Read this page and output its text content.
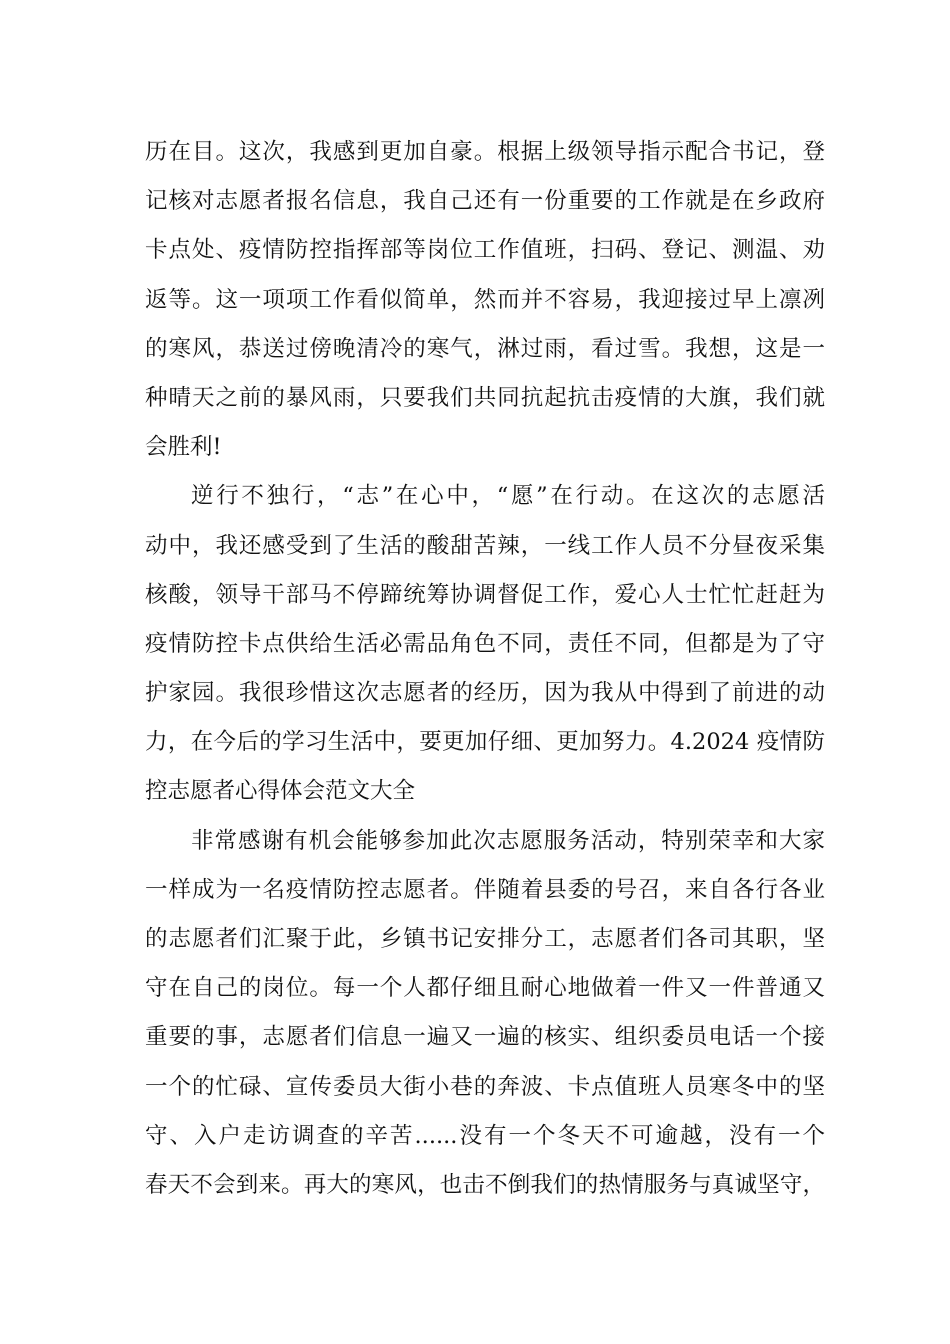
历在目。这次，我感到更加自豪。根据上级领导指示配合书记，登
记核对志愿者报名信息，我自己还有一份重要的工作就是在乡政府
卡点处、疫情防控指挥部等岗位工作值班，扫码、登记、测温、劝
返等。这一项项工作看似简单，然而并不容易，我迎接过早上凛冽
的寒风，恭送过傍晚清冷的寒气，淋过雨，看过雪。我想，这是一
种晴天之前的暴风雨，只要我们共同抗起抗击疫情的大旗，我们就
会胜利!
逆行不独行，“志”在心中，“愿”在行动。在这次的志愿活
动中，我还感受到了生活的酸甜苦辣，一线工作人员不分昼夜采集
核酸，领导干部马不停蹄统筹协调督促工作，爱心人士忙忙赶赶为
疫情防控卡点供给生活必需品角色不同，责任不同，但都是为了守
护家园。我很珍惜这次志愿者的经历，因为我从中得到了前进的动
力，在今后的学习生活中，要更加仔细、更加努力。4.2024 疫情防
控志愿者心得体会范文大全
非常感谢有机会能够参加此次志愿服务活动，特别荣幸和大家
一样成为一名疫情防控志愿者。伴随着县委的号召，来自各行各业
的志愿者们汇聚于此，乡镇书记安排分工，志愿者们各司其职，坚
守在自己的岗位。每一个人都仔细且耐心地做着一件又一件普通又
重要的事，志愿者们信息一遍又一遍的核实、组织委员电话一个接
一个的忙碌、宣传委员大街小巷的奔波、卡点值班人员寒冬中的坚
守、入户走访调查的辛苦......没有一个冬天不可逾越，没有一个
春天不会到来。再大的寒风，也击不倒我们的热情服务与真诚坚守，
